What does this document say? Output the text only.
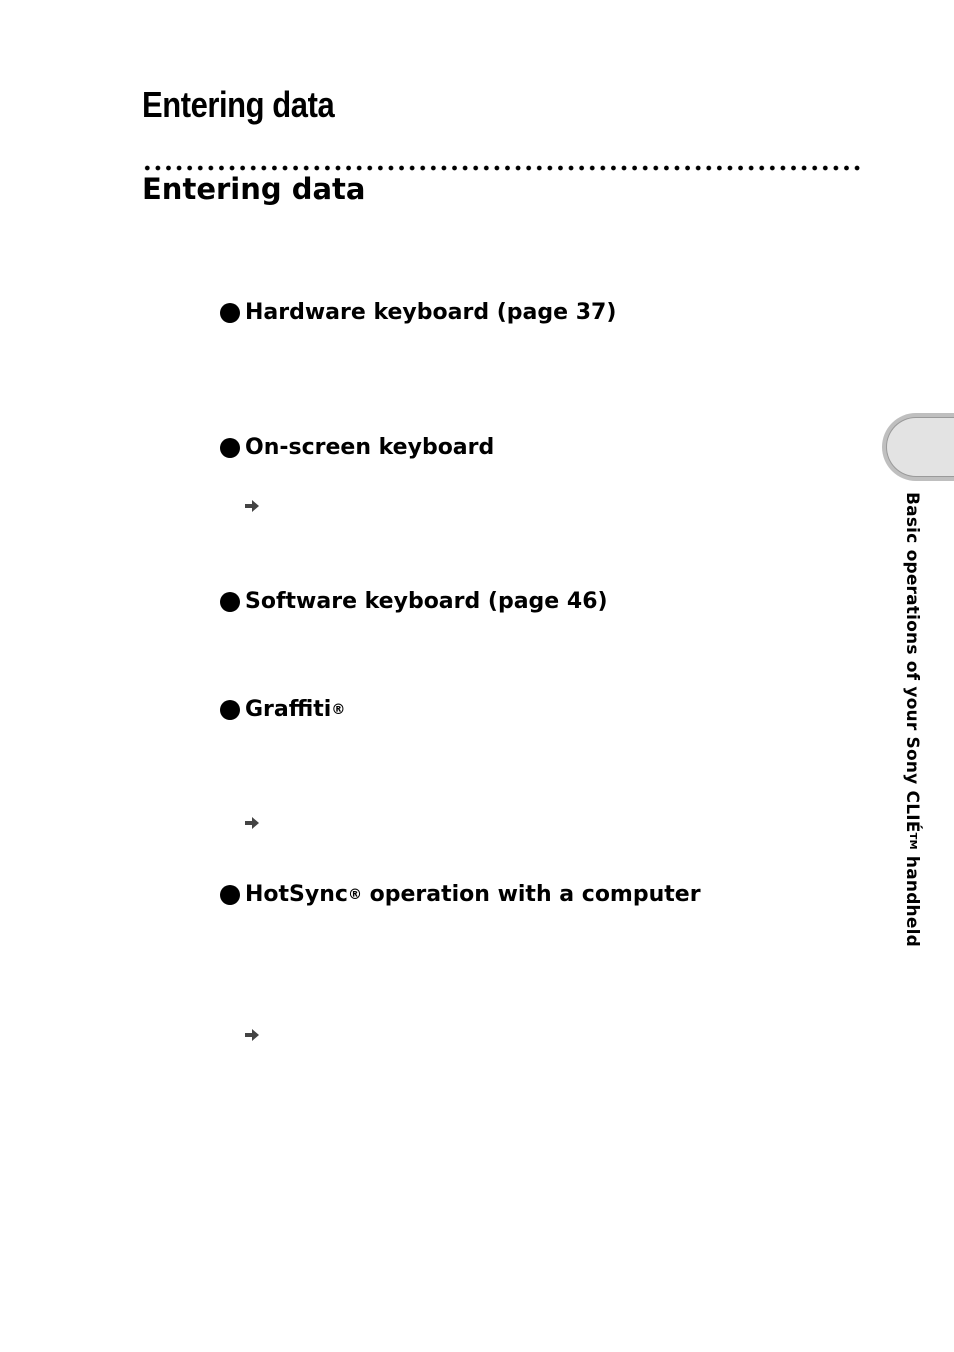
Entering data
Entering data
Hardware keyboard (page 37)
On-screen keyboard
Software keyboard (page 46)
Graffiti ®
HotSync ® operation with a computer
Basic operations of your Sony CLIÉTM handheld
